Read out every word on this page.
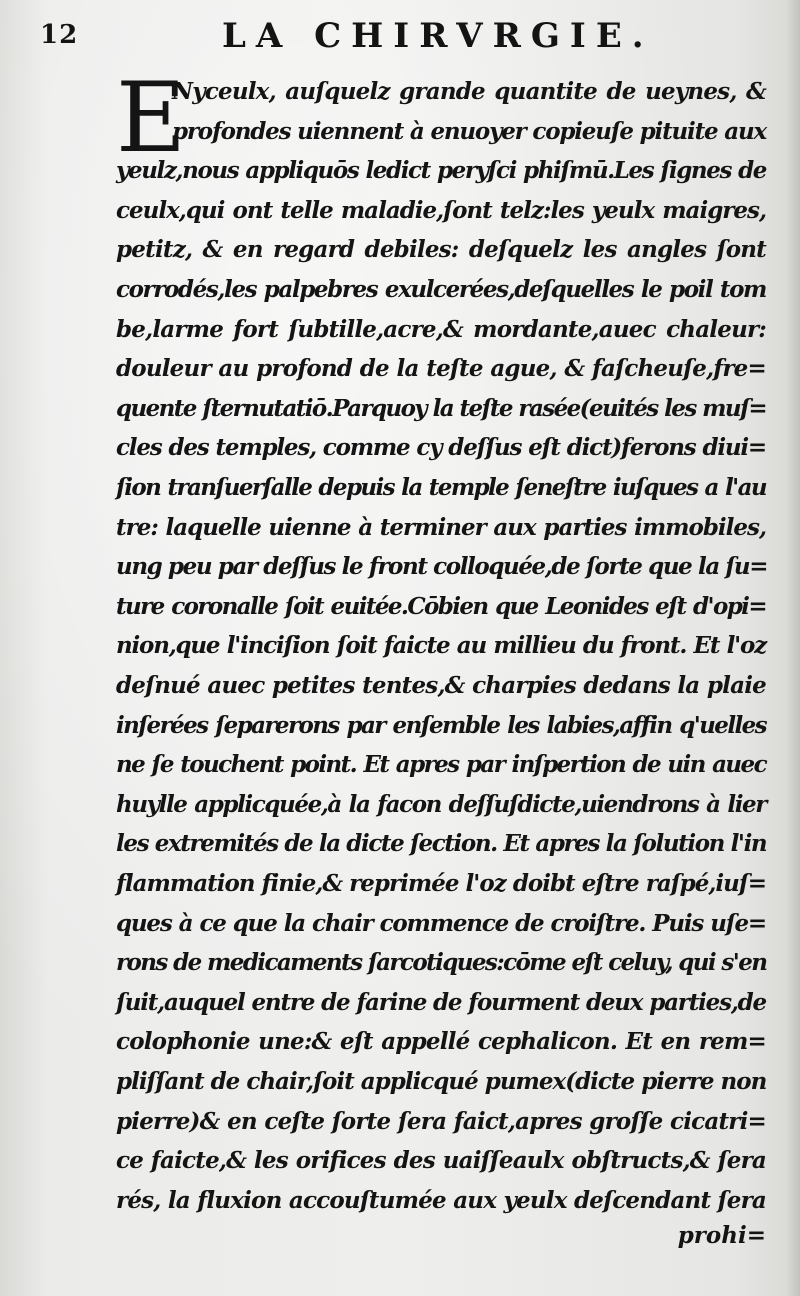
12	LA CHIRVRGIE.
E
Nyceulx, auſquelz grande quantite de ueynes, &
profondes uiennent à enuoyer copieuſe pituite aux
yeulz,nous appliquōs ledict peryſci phiſmū.Les ſignes de
ceulx,qui ont telle maladie,ſont telz:les yeulx maigres,
petitz, & en regard debiles: deſquelz les angles ſont
corrodés,les palpebres exulcerées,deſquelles le poil tom
be,larme fort ſubtille,acre,& mordante,auec chaleur:
douleur au profond de la teſte ague, & faſcheuſe,fre=
quente ſternutatiō.Parquoy la teſte rasée(euités les muſ=
cles des temples, comme cy deſſus eſt dict)ferons diui=
ſion tranſuerſalle depuis la temple ſeneſtre iuſques a l'au
tre: laquelle uienne à terminer aux parties immobiles,
ung peu par deſſus le front colloquée,de ſorte que la ſu=
ture coronalle ſoit euitée.Cōbien que Leonides eſt d'opi=
nion,que l'inciſion ſoit faicte au millieu du front. Et l'oz
deſnué auec petites tentes,& charpies dedans la plaie
inſerées ſeparerons par enſemble les labies,affin q'uelles
ne ſe touchent point. Et apres par inſpertion de uin auec
huylle applicquée,à la facon deſſuſdicte,uiendrons à lier
les extremités de la dicte ſection. Et apres la ſolution l'in
flammation finie,& reprimée l'oz doibt eſtre raſpé,iuſ=
ques à ce que la chair commence de croiſtre. Puis uſe=
rons de medicaments ſarcotiques:cōme eſt celuy, qui s'en
ſuit,auquel entre de farine de fourment deux parties,de
colophonie une:& eſt appellé cephalicon. Et en rem=
pliſſant de chair,ſoit applicqué pumex(dicte pierre non
pierre)& en ceſte ſorte ſera faict,apres groſſe cicatri=
ce faicte,& les orifices des uaiſſeaulx obſtructs,& ſera
rés, la fluxion accouſtumée aux yeulx deſcendant ſera
prohi=
